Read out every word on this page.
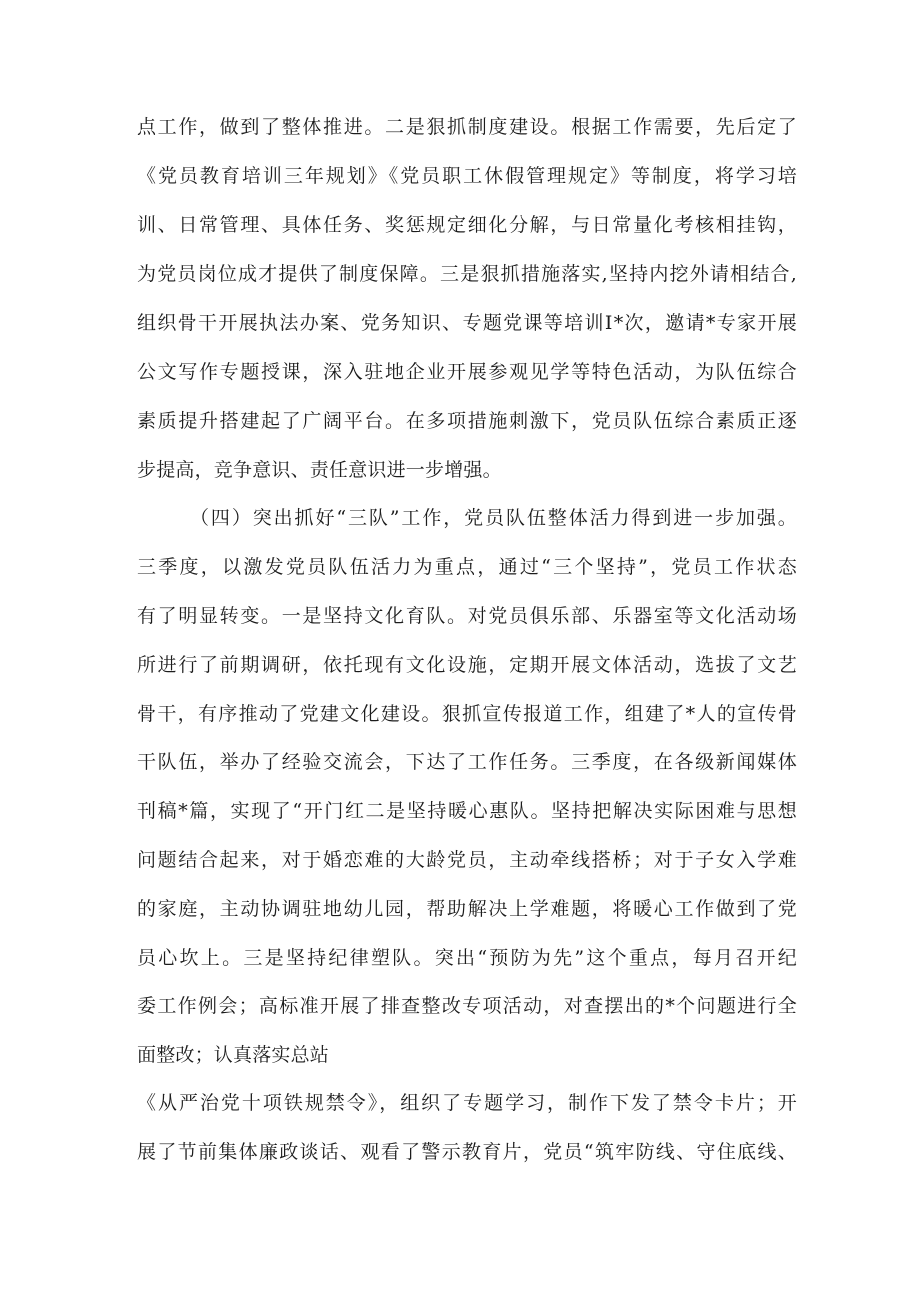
点工作，做到了整体推进。二是狠抓制度建设。根据工作需要，先后定了
《党员教育培训三年规划》《党员职工休假管理规定》等制度，将学习培
训、日常管理、具体任务、奖惩规定细化分解，与日常量化考核相挂钩，
为党员岗位成才提供了制度保障。三是狠抓措施落实,坚持内挖外请相结合,
组织骨干开展执法办案、党务知识、专题党课等培训Ⅰ*次，邀请*专家开展
公文写作专题授课，深入驻地企业开展参观见学等特色活动，为队伍综合
素质提升搭建起了广阔平台。在多项措施刺激下，党员队伍综合素质正逐
步提高，竞争意识、责任意识进一步增强。
（四）突出抓好“三队”工作，党员队伍整体活力得到进一步加强。
三季度，以激发党员队伍活力为重点，通过“三个坚持”，党员工作状态
有了明显转变。一是坚持文化育队。对党员俱乐部、乐器室等文化活动场
所进行了前期调研，依托现有文化设施，定期开展文体活动，选拔了文艺
骨干，有序推动了党建文化建设。狠抓宣传报道工作，组建了*人的宣传骨
干队伍，举办了经验交流会，下达了工作任务。三季度，在各级新闻媒体
刊稿*篇，实现了“开门红二是坚持暖心惠队。坚持把解决实际困难与思想
问题结合起来，对于婚恋难的大龄党员，主动牵线搭桥；对于子女入学难
的家庭，主动协调驻地幼儿园，帮助解决上学难题，将暖心工作做到了党
员心坎上。三是坚持纪律塑队。突出“预防为先”这个重点，每月召开纪
委工作例会；高标准开展了排查整改专项活动，对查摆出的*个问题进行全
面整改；认真落实总站
《从严治党十项铁规禁令》，组织了专题学习，制作下发了禁令卡片；开
展了节前集体廉政谈话、观看了警示教育片，党员“筑牢防线、守住底线、
